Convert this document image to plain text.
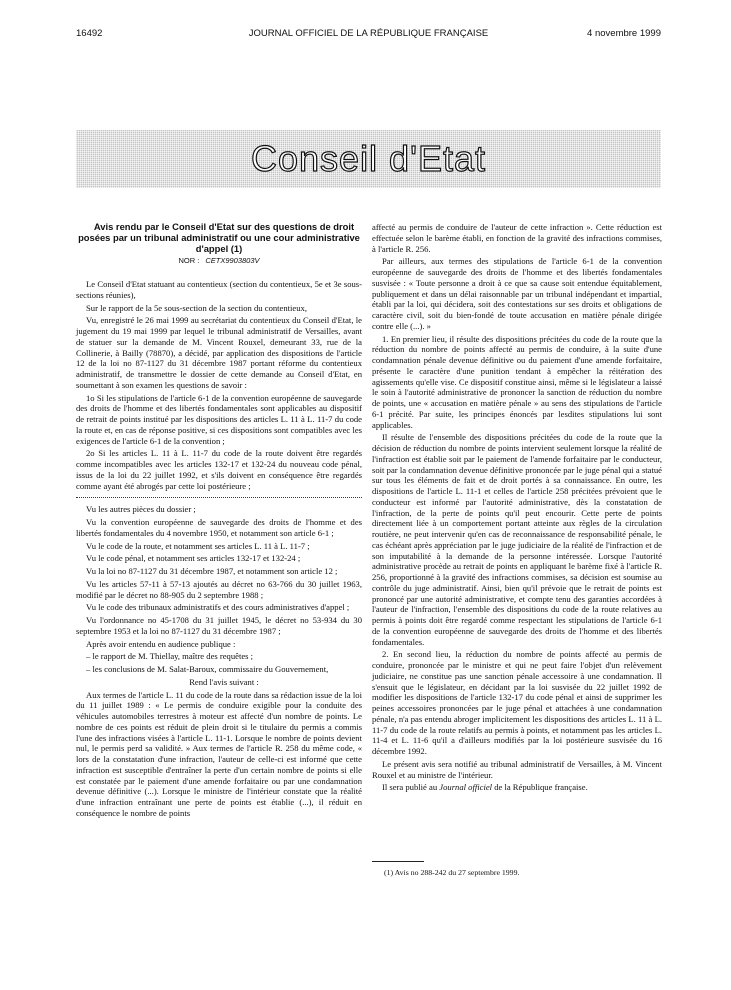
16492	JOURNAL OFFICIEL DE LA RÉPUBLIQUE FRANÇAISE	4 novembre 1999
Conseil d'Etat

Avis rendu par le Conseil d'Etat sur des questions de droit posées par un tribunal administratif ou une cour administrative d'appel (1)

NOR : CETX9903803V

Le Conseil d'Etat statuant au contentieux (section du contentieux, 5e et 3e sous-sections réunies),

Sur le rapport de la 5e sous-section de la section du contentieux,

Vu, enregistré le 26 mai 1999 au secrétariat du contentieux du Conseil d'Etat, le jugement du 19 mai 1999 par lequel le tribunal administratif de Versailles, avant de statuer sur la demande de M. Vincent Rouxel, demeurant 33, rue de la Collinerie, à Bailly (78870), a décidé, par application des dispositions de l'article 12 de la loi no 87-1127 du 31 décembre 1987 portant réforme du contentieux administratif, de transmettre le dossier de cette demande au Conseil d'Etat, en soumettant à son examen les questions de savoir :

1o Si les stipulations de l'article 6-1 de la convention européenne de sauvegarde des droits de l'homme et des libertés fondamentales sont applicables au dispositif de retrait de points institué par les dispositions des articles L. 11 à L. 11-7 du code la route et, en cas de réponse positive, si ces dispositions sont compatibles avec les exigences de l'article 6-1 de la convention ;

2o Si les articles L. 11 à L. 11-7 du code de la route doivent être regardés comme incompatibles avec les articles 132-17 et 132-24 du nouveau code pénal, issus de la loi du 22 juillet 1992, et s'ils doivent en conséquence être regardés comme ayant été abrogés par cette loi postérieure ;

Vu les autres pièces du dossier ;

Vu la convention européenne de sauvegarde des droits de l'homme et des libertés fondamentales du 4 novembre 1950, et notamment son article 6-1 ;

Vu le code de la route, et notamment ses articles L. 11 à L. 11-7 ;

Vu le code pénal, et notamment ses articles 132-17 et 132-24 ;

Vu la loi no 87-1127 du 31 décembre 1987, et notamment son article 12 ;

Vu les articles 57-11 à 57-13 ajoutés au décret no 63-766 du 30 juillet 1963, modifié par le décret no 88-905 du 2 septembre 1988 ;

Vu le code des tribunaux administratifs et des cours administratives d'appel ;

Vu l'ordonnance no 45-1708 du 31 juillet 1945, le décret no 53-934 du 30 septembre 1953 et la loi no 87-1127 du 31 décembre 1987 ;

Après avoir entendu en audience publique :

– le rapport de M. Thiellay, maître des requêtes ;

– les conclusions de M. Salat-Baroux, commissaire du Gouvernement,

Rend l'avis suivant :

Aux termes de l'article L. 11 du code de la route dans sa rédaction issue de la loi du 11 juillet 1989 : « Le permis de conduire exigible pour la conduite des véhicules automobiles terrestres à moteur est affecté d'un nombre de points. Le nombre de ces points est réduit de plein droit si le titulaire du permis a commis l'une des infractions visées à l'article L. 11-1. Lorsque le nombre de points devient nul, le permis perd sa validité. » Aux termes de l'article R. 258 du même code, « lors de la constatation d'une infraction, l'auteur de celle-ci est informé que cette infraction est susceptible d'entraîner la perte d'un certain nombre de points si elle est constatée par le paiement d'une amende forfaitaire ou par une condamnation devenue définitive (...). Lorsque le ministre de l'intérieur constate que la réalité d'une infraction entraînant une perte de points est établie (...), il réduit en conséquence le nombre de points

affecté au permis de conduire de l'auteur de cette infraction ». Cette réduction est effectuée selon le barème établi, en fonction de la gravité des infractions commises, à l'article R. 256.

Par ailleurs, aux termes des stipulations de l'article 6-1 de la convention européenne de sauvegarde des droits de l'homme et des libertés fondamentales susvisée : « Toute personne a droit à ce que sa cause soit entendue équitablement, publiquement et dans un délai raisonnable par un tribunal indépendant et impartial, établi par la loi, qui décidera, soit des contestations sur ses droits et obligations de caractère civil, soit du bien-fondé de toute accusation en matière pénale dirigée contre elle (...). »

1. En premier lieu, il résulte des dispositions précitées du code de la route que la réduction du nombre de points affecté au permis de conduire, à la suite d'une condamnation pénale devenue définitive ou du paiement d'une amende forfaitaire, présente le caractère d'une punition tendant à empêcher la réitération des agissements qu'elle vise. Ce dispositif constitue ainsi, même si le législateur a laissé le soin à l'autorité administrative de prononcer la sanction de réduction du nombre de points, une « accusation en matière pénale » au sens des stipulations de l'article 6-1 précité. Par suite, les principes énoncés par lesdites stipulations lui sont applicables.

Il résulte de l'ensemble des dispositions précitées du code de la route que la décision de réduction du nombre de points intervient seulement lorsque la réalité de l'infraction est établie soit par le paiement de l'amende forfaitaire par le conducteur, soit par la condamnation devenue définitive prononcée par le juge pénal qui a statué sur tous les éléments de fait et de droit portés à sa connaissance. En outre, les dispositions de l'article L. 11-1 et celles de l'article 258 précitées prévoient que le conducteur est informé par l'autorité administrative, dès la constatation de l'infraction, de la perte de points qu'il peut encourir. Cette perte de points directement liée à un comportement portant atteinte aux règles de la circulation routière, ne peut intervenir qu'en cas de reconnaissance de responsabilité pénale, le cas échéant après appréciation par le juge judiciaire de la réalité de l'infraction et de son imputabilité à la demande de la personne intéressée. Lorsque l'autorité administrative procède au retrait de points en appliquant le barème fixé à l'article R. 256, proportionné à la gravité des infractions commises, sa décision est soumise au contrôle du juge administratif. Ainsi, bien qu'il prévoie que le retrait de points est prononcé par une autorité administrative, et compte tenu des garanties accordées à l'auteur de l'infraction, l'ensemble des dispositions du code de la route relatives au permis à points doit être regardé comme respectant les stipulations de l'article 6-1 de la convention européenne de sauvegarde des droits de l'homme et des libertés fondamentales.

2. En second lieu, la réduction du nombre de points affecté au permis de conduire, prononcée par le ministre et qui ne peut faire l'objet d'un relèvement judiciaire, ne constitue pas une sanction pénale accessoire à une condamnation. Il s'ensuit que le législateur, en décidant par la loi susvisée du 22 juillet 1992 de modifier les dispositions de l'article 132-17 du code pénal et ainsi de supprimer les peines accessoires prononcées par le juge pénal et attachées à une condamnation pénale, n'a pas entendu abroger implicitement les dispositions des articles L. 11 à L. 11-7 du code de la route relatifs au permis à points, et notamment pas les articles L. 11-4 et L. 11-6 qu'il a d'ailleurs modifiés par la loi postérieure susvisée du 16 décembre 1992.

Le présent avis sera notifié au tribunal administratif de Versailles, à M. Vincent Rouxel et au ministre de l'intérieur.

Il sera publié au Journal officiel de la République française.

(1) Avis no 288-242 du 27 septembre 1999.
